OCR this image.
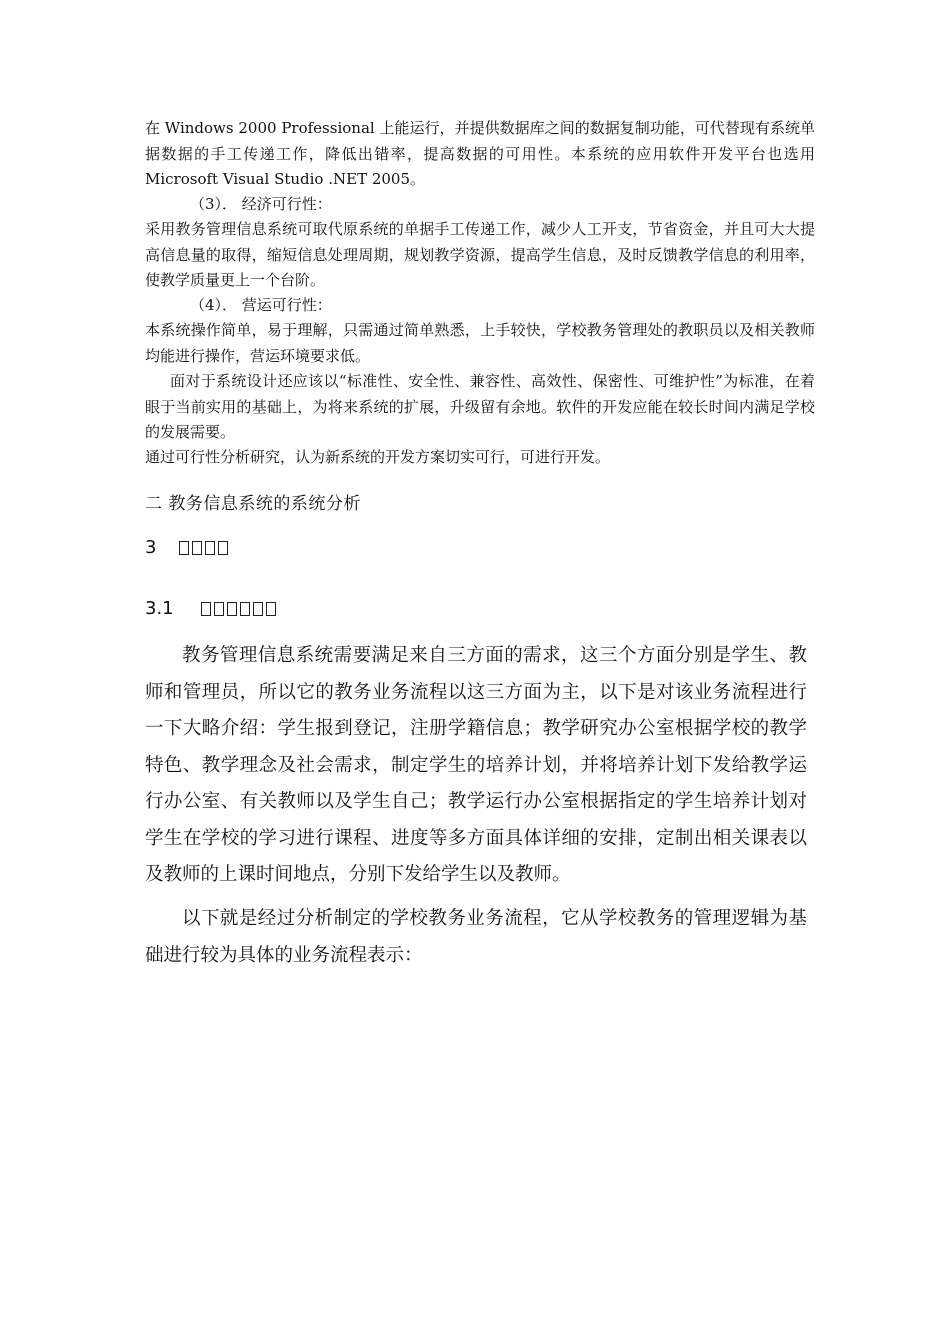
在 Windows 2000 Professional 上能运行，并提供数据库之间的数据复制功能，可代替现有系统单据数据的手工传递工作，降低出错率，提高数据的可用性。本系统的应用软件开发平台也选用 Microsoft Visual Studio .NET 2005。

（3）． 经济可行性：

采用教务管理信息系统可取代原系统的单据手工传递工作，减少人工开支，节省资金，并且可大大提高信息量的取得，缩短信息处理周期，规划教学资源，提高学生信息，及时反馈教学信息的利用率，使教学质量更上一个台阶。

（4）． 营运可行性：

本系统操作简单，易于理解，只需通过简单熟悉，上手较快，学校教务管理处的教职员以及相关教师均能进行操作，营运环境要求低。

面对于系统设计还应该以“标准性、安全性、兼容性、高效性、保密性、可维护性”为标准，在着眼于当前实用的基础上，为将来系统的扩展，升级留有余地。软件的开发应能在较长时间内满足学校的发展需要。

通过可行性分析研究，认为新系统的开发方案切实可行，可进行开发。

二 教务信息系统的系统分析

3
3.1

教务管理信息系统需要满足来自三方面的需求，这三个方面分别是学生、教师和管理员，所以它的教务业务流程以这三方面为主，以下是对该业务流程进行一下大略介绍：学生报到登记，注册学籍信息；教学研究办公室根据学校的教学特色、教学理念及社会需求，制定学生的培养计划，并将培养计划下发给教学运行办公室、有关教师以及学生自己；教学运行办公室根据指定的学生培养计划对学生在学校的学习进行课程、进度等多方面具体详细的安排，定制出相关课表以及教师的上课时间地点，分别下发给学生以及教师。

以下就是经过分析制定的学校教务业务流程，它从学校教务的管理逻辑为基础进行较为具体的业务流程表示：
